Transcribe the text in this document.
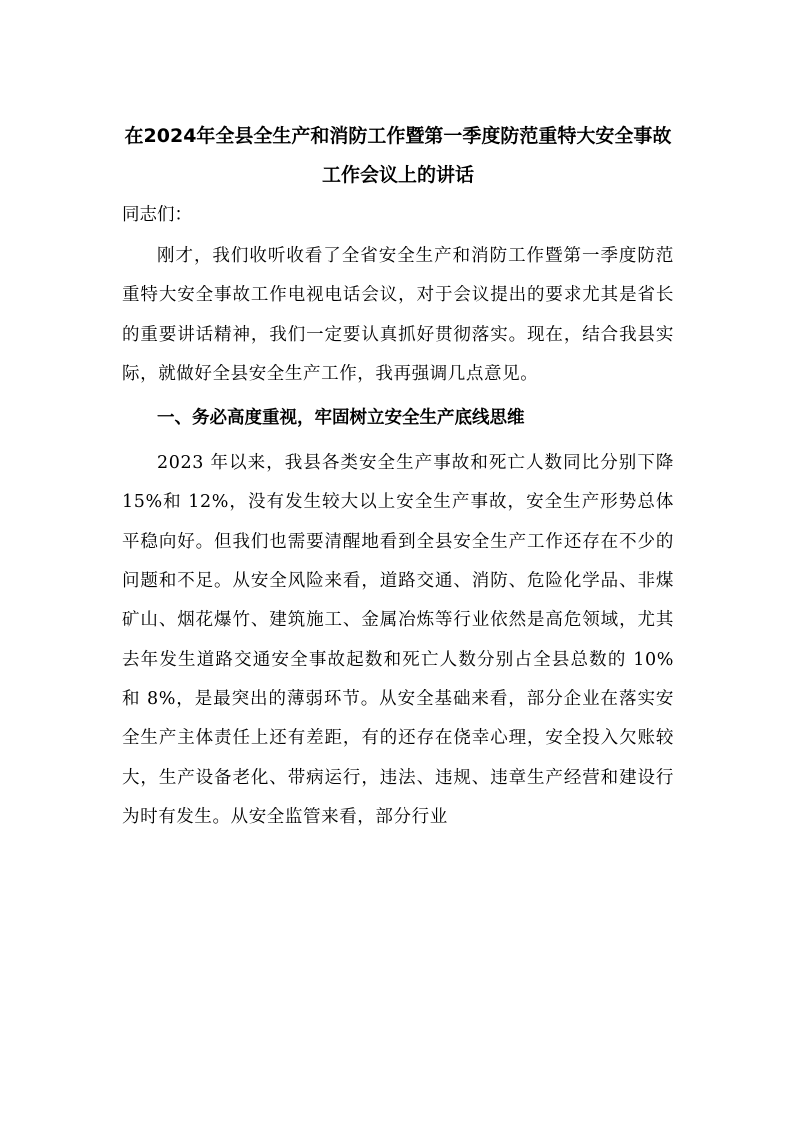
在2024年全县全生产和消防工作暨第一季度防范重特大安全事故工作会议上的讲话

同志们：

刚才，我们收听收看了全省安全生产和消防工作暨第一季度防范重特大安全事故工作电视电话会议，对于会议提出的要求尤其是省长的重要讲话精神，我们一定要认真抓好贯彻落实。现在，结合我县实际，就做好全县安全生产工作，我再强调几点意见。

一、务必高度重视，牢固树立安全生产底线思维

2023 年以来，我县各类安全生产事故和死亡人数同比分别下降 15%和 12%，没有发生较大以上安全生产事故，安全生产形势总体平稳向好。但我们也需要清醒地看到全县安全生产工作还存在不少的问题和不足。从安全风险来看，道路交通、消防、危险化学品、非煤矿山、烟花爆竹、建筑施工、金属冶炼等行业依然是高危领域，尤其去年发生道路交通安全事故起数和死亡人数分别占全县总数的 10%和 8%，是最突出的薄弱环节。从安全基础来看，部分企业在落实安全生产主体责任上还有差距，有的还存在侥幸心理，安全投入欠账较大，生产设备老化、带病运行，违法、违规、违章生产经营和建设行为时有发生。从安全监管来看，部分行业
